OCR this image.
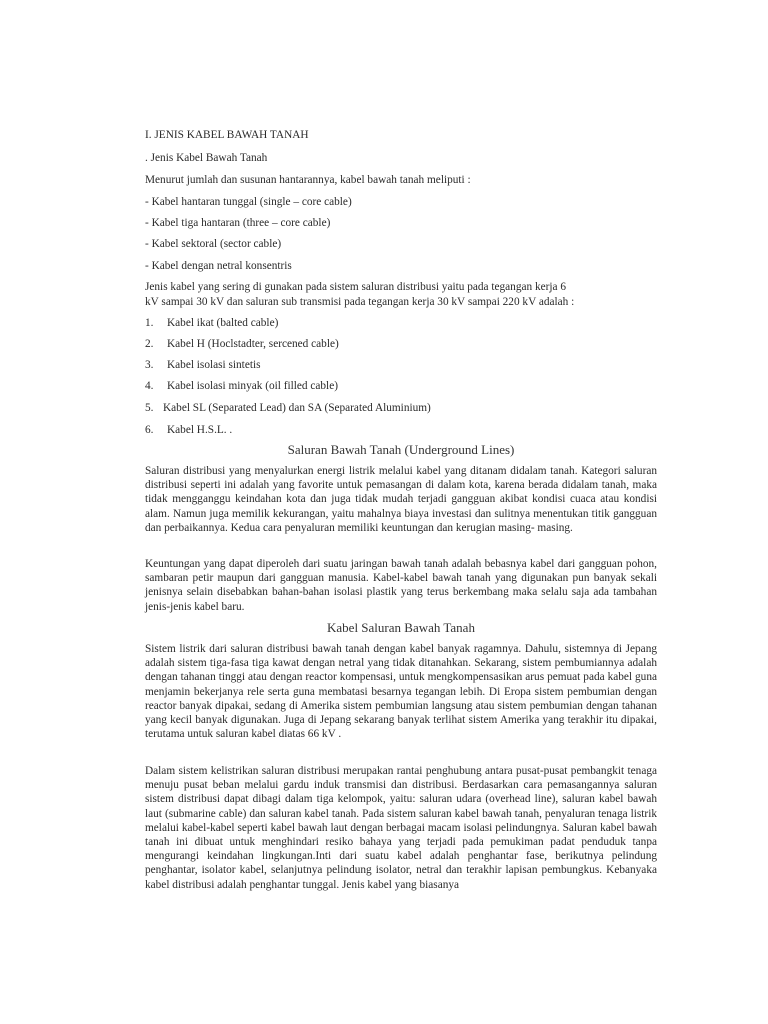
I. JENIS KABEL BAWAH TANAH
. Jenis Kabel Bawah Tanah
Menurut jumlah dan susunan hantarannya, kabel bawah tanah meliputi :
- Kabel hantaran tunggal (single – core cable)
- Kabel tiga hantaran (three – core cable)
- Kabel sektoral (sector cable)
- Kabel dengan netral konsentris
Jenis kabel yang sering di gunakan pada sistem saluran distribusi yaitu pada tegangan kerja 6
kV sampai 30 kV dan saluran sub transmisi pada tegangan kerja 30 kV sampai 220 kV adalah :
1. Kabel ikat (balted cable)
2. Kabel H (Hoclstadter, sercened cable)
3. Kabel isolasi sintetis
4. Kabel isolasi minyak (oil filled cable)
5. Kabel SL (Separated Lead) dan SA (Separated Aluminium)
6. Kabel H.S.L. .
Saluran Bawah Tanah (Underground Lines)
Saluran distribusi yang menyalurkan energi listrik melalui kabel yang ditanam didalam tanah. Kategori saluran distribusi seperti ini adalah yang favorite untuk pemasangan di dalam kota, karena berada didalam tanah, maka tidak mengganggu keindahan kota dan juga tidak mudah terjadi gangguan akibat kondisi cuaca atau kondisi alam. Namun juga memilik kekurangan, yaitu mahalnya biaya investasi dan sulitnya menentukan titik gangguan dan perbaikannya. Kedua cara penyaluran memiliki keuntungan dan kerugian masing- masing.
Keuntungan yang dapat diperoleh dari suatu jaringan bawah tanah adalah bebasnya kabel dari gangguan pohon, sambaran petir maupun dari gangguan manusia. Kabel-kabel bawah tanah yang digunakan pun banyak sekali jenisnya selain disebabkan bahan-bahan isolasi plastik yang terus berkembang maka selalu saja ada tambahan jenis-jenis kabel baru.
Kabel Saluran Bawah Tanah
Sistem listrik dari saluran distribusi bawah tanah dengan kabel banyak ragamnya. Dahulu, sistemnya di Jepang adalah sistem tiga-fasa tiga kawat dengan netral yang tidak ditanahkan. Sekarang, sistem pembumiannya adalah dengan tahanan tinggi atau dengan reactor kompensasi, untuk mengkompensasikan arus pemuat pada kabel guna menjamin bekerjanya rele serta guna membatasi besarnya tegangan lebih. Di Eropa sistem pembumian dengan reactor banyak dipakai, sedang di Amerika sistem pembumian langsung atau sistem pembumian dengan tahanan yang kecil banyak digunakan. Juga di Jepang sekarang banyak terlihat sistem Amerika yang terakhir itu dipakai, terutama untuk saluran kabel diatas 66 kV .
Dalam sistem kelistrikan saluran distribusi merupakan rantai penghubung antara pusat-pusat pembangkit tenaga menuju pusat beban melalui gardu induk transmisi dan distribusi. Berdasarkan cara pemasangannya saluran sistem distribusi dapat dibagi dalam tiga kelompok, yaitu: saluran udara (overhead line), saluran kabel bawah laut (submarine cable) dan saluran kabel tanah. Pada sistem saluran kabel bawah tanah, penyaluran tenaga listrik melalui kabel-kabel seperti kabel bawah laut dengan berbagai macam isolasi pelindungnya. Saluran kabel bawah tanah ini dibuat untuk menghindari resiko bahaya yang terjadi pada pemukiman padat penduduk tanpa mengurangi keindahan lingkungan.Inti dari suatu kabel adalah penghantar fase, berikutnya pelindung penghantar, isolator kabel, selanjutnya pelindung isolator, netral dan terakhir lapisan pembungkus. Kebanyaka kabel distribusi adalah penghantar tunggal. Jenis kabel yang biasanya
